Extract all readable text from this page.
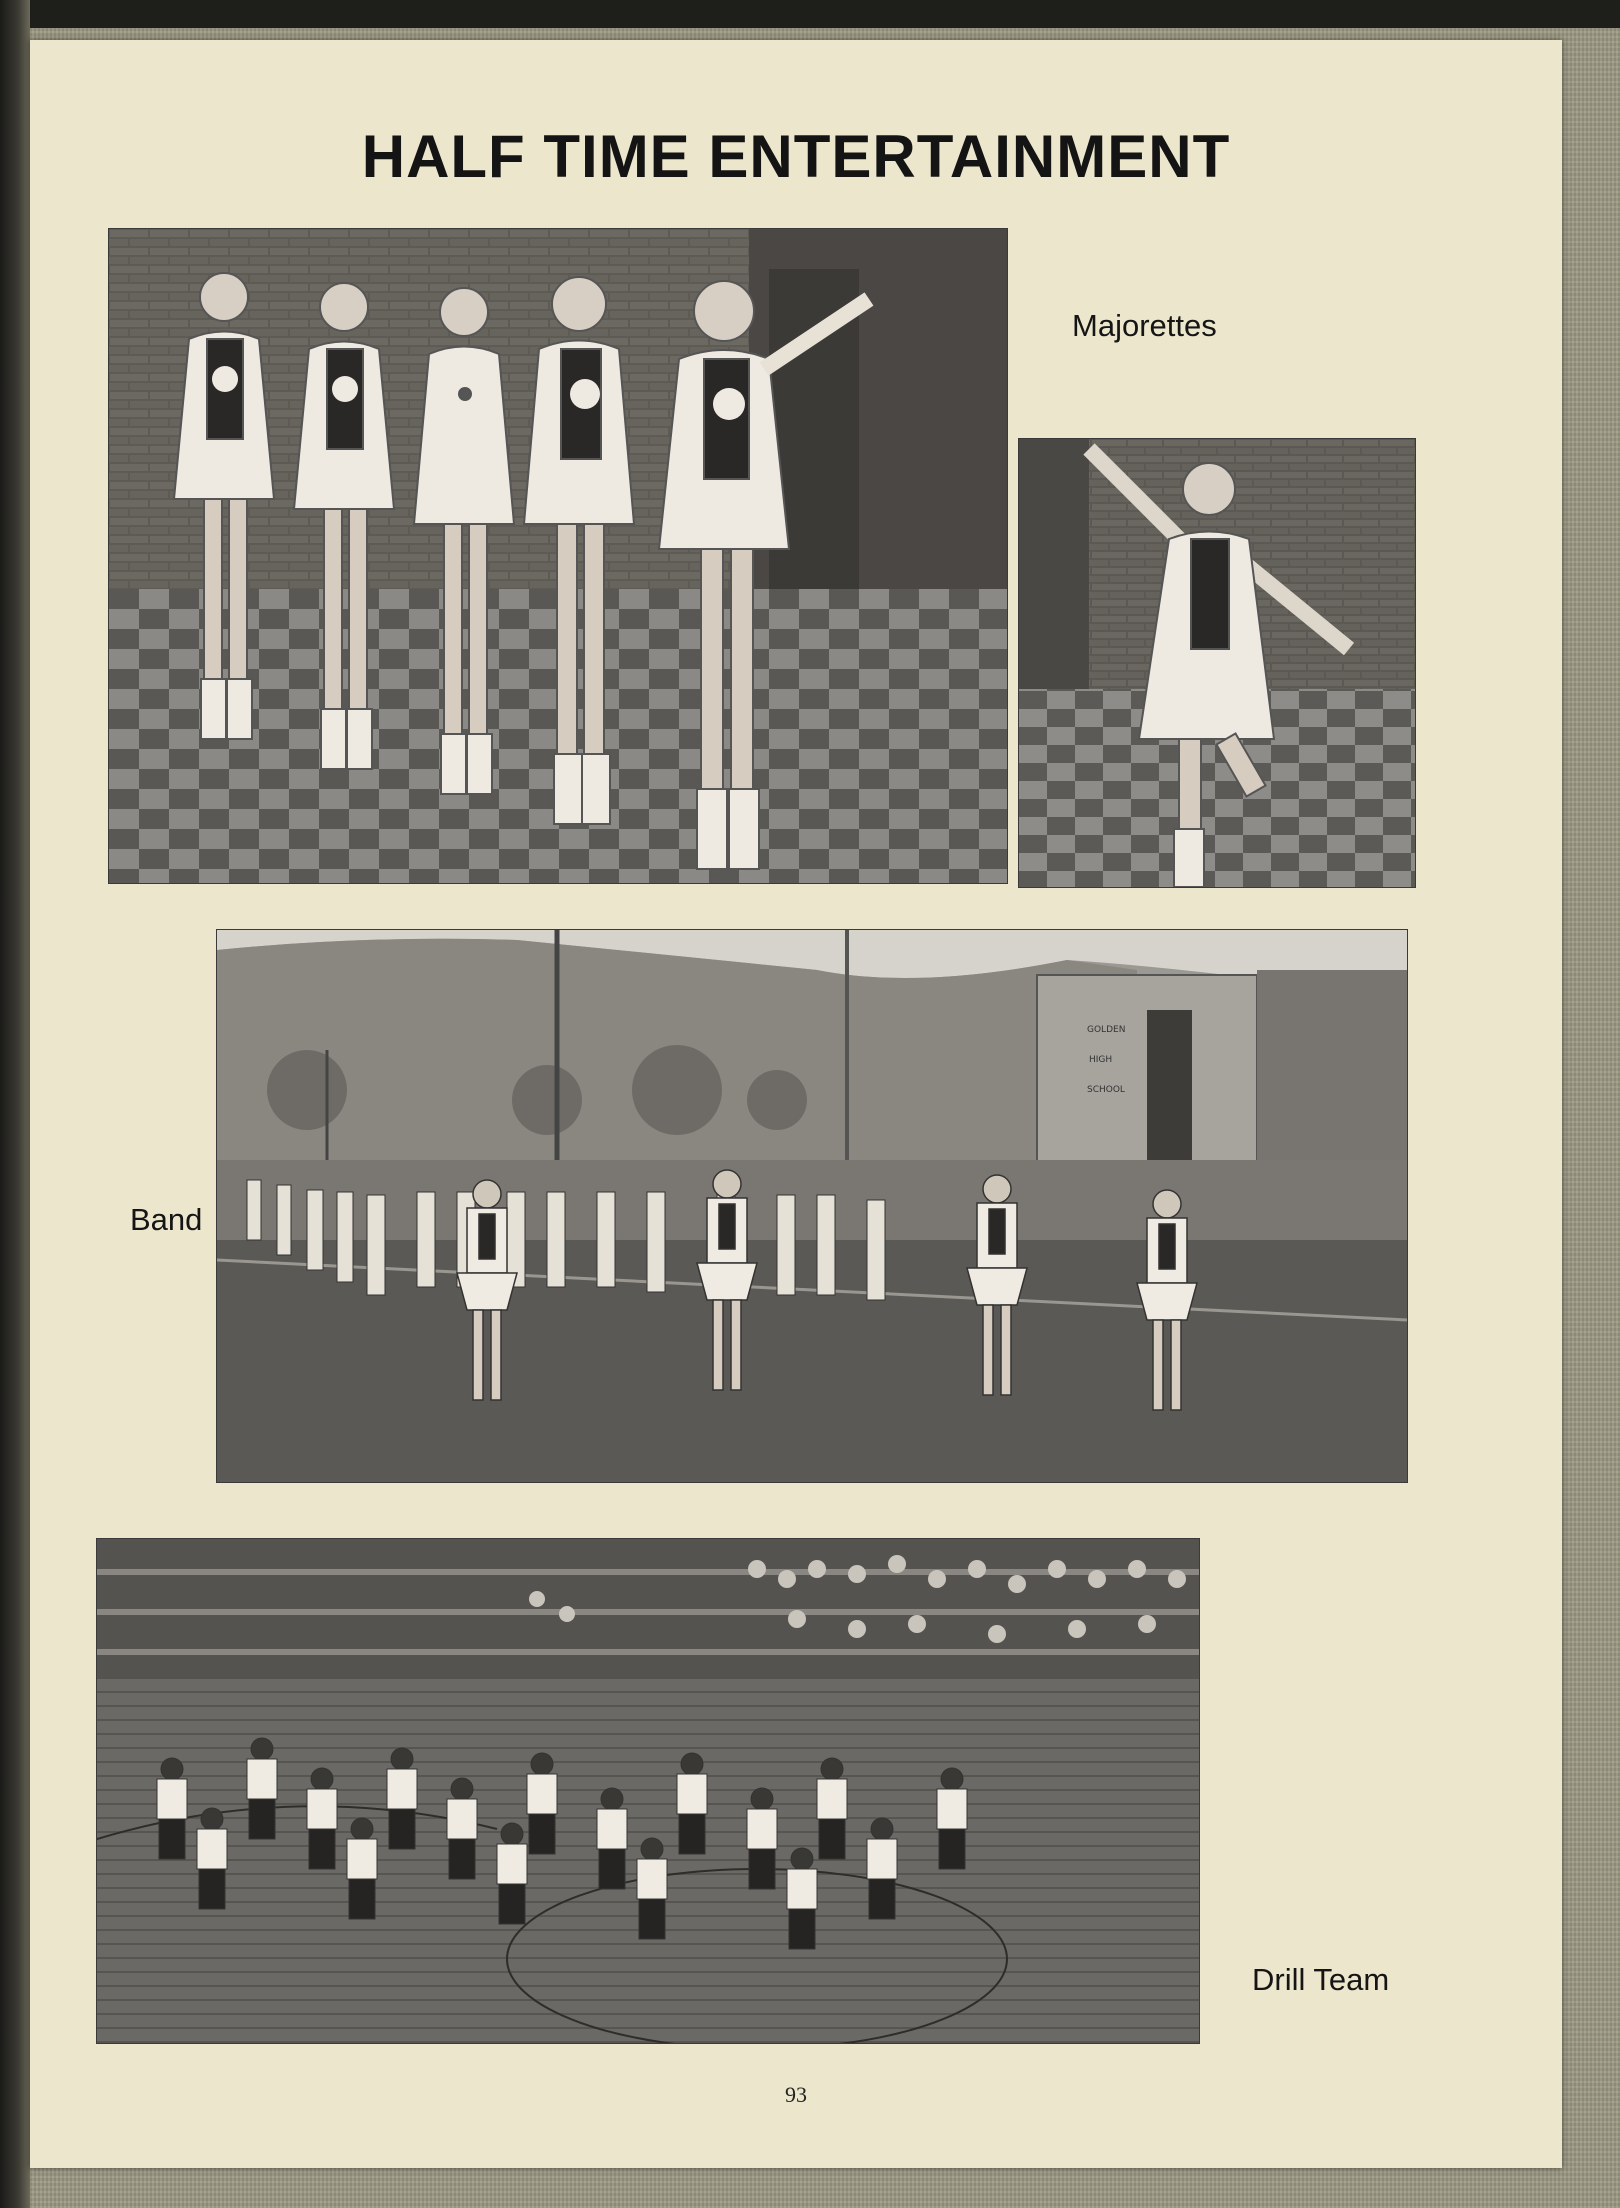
HALF TIME ENTERTAINMENT
Majorettes
GOLDEN
HIGH
SCHOOL
Band
Drill Team
93
